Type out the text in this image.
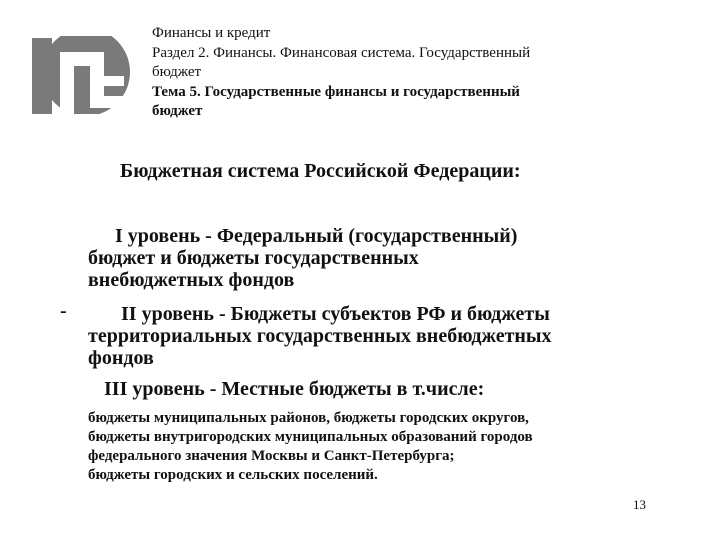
Финансы и кредит
Раздел 2. Финансы. Финансовая система. Государственный
бюджет
Тема 5. Государственные финансы и государственный
бюджет
Бюджетная система Российской Федерации:
I уровень - Федеральный (государственный)
бюджет и бюджеты государственных
внебюджетных фондов
-	II уровень - Бюджеты субъектов РФ и бюджеты
территориальных государственных внебюджетных
фондов
III уровень - Местные бюджеты в т.числе:
бюджеты муниципальных районов, бюджеты городских округов,
бюджеты внутригородских муниципальных образований городов
федерального значения Москвы и Санкт-Петербурга;
бюджеты городских и сельских поселений.
13
